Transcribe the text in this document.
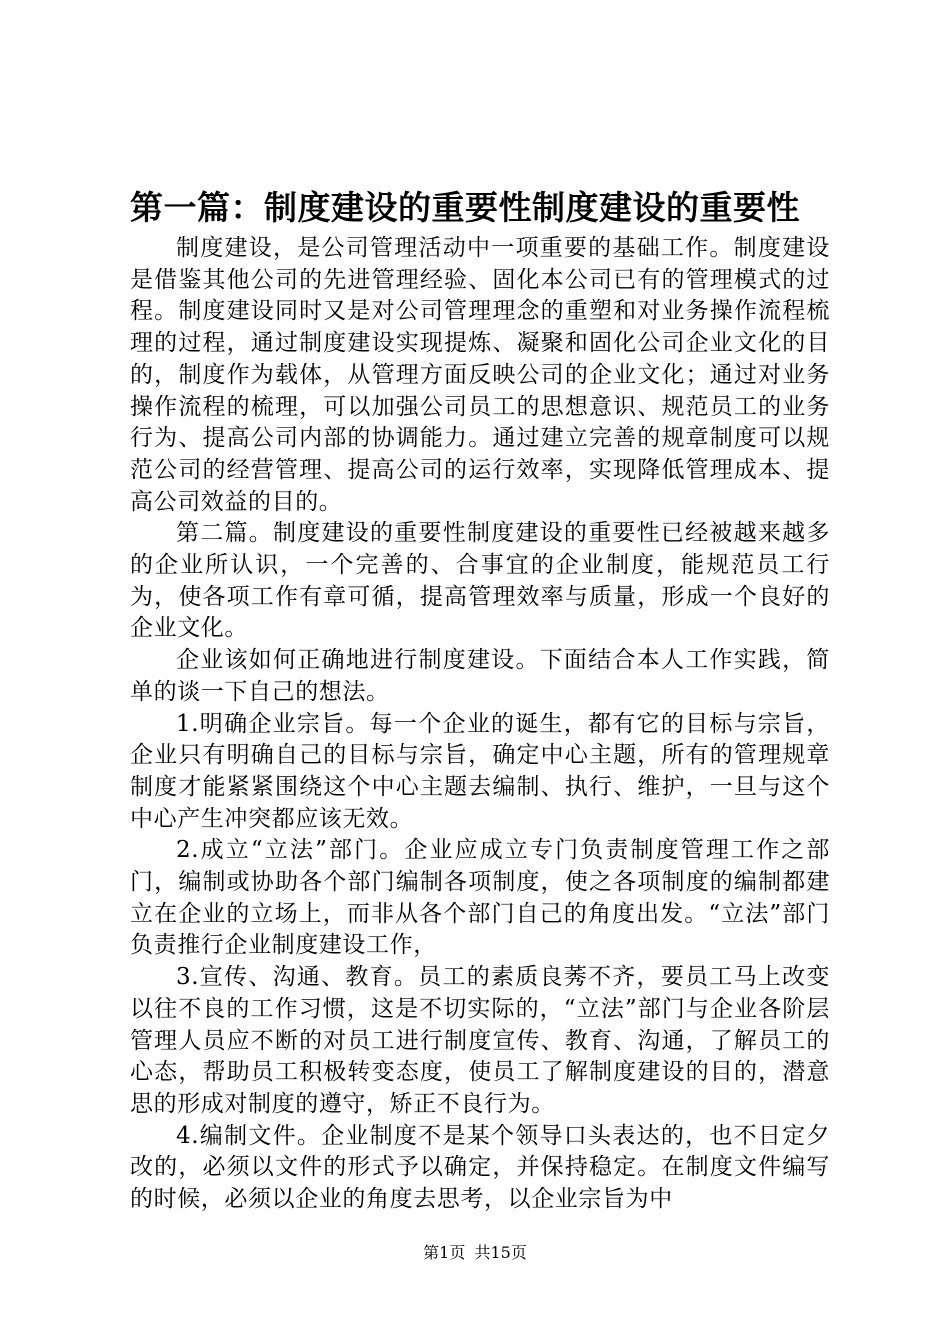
第一篇：制度建设的重要性制度建设的重要性

制度建设，是公司管理活动中一项重要的基础工作。制度建设是借鉴其他公司的先进管理经验、固化本公司已有的管理模式的过程。制度建设同时又是对公司管理理念的重塑和对业务操作流程梳理的过程，通过制度建设实现提炼、凝聚和固化公司企业文化的目的，制度作为载体，从管理方面反映公司的企业文化；通过对业务操作流程的梳理，可以加强公司员工的思想意识、规范员工的业务行为、提高公司内部的协调能力。通过建立完善的规章制度可以规范公司的经营管理、提高公司的运行效率，实现降低管理成本、提高公司效益的目的。

第二篇。制度建设的重要性制度建设的重要性已经被越来越多的企业所认识，一个完善的、合事宜的企业制度，能规范员工行为，使各项工作有章可循，提高管理效率与质量，形成一个良好的企业文化。

企业该如何正确地进行制度建设。下面结合本人工作实践，简单的谈一下自己的想法。

1.明确企业宗旨。每一个企业的诞生，都有它的目标与宗旨，企业只有明确自己的目标与宗旨，确定中心主题，所有的管理规章制度才能紧紧围绕这个中心主题去编制、执行、维护，一旦与这个中心产生冲突都应该无效。

2.成立“立法”部门。企业应成立专门负责制度管理工作之部门，编制或协助各个部门编制各项制度，使之各项制度的编制都建立在企业的立场上，而非从各个部门自己的角度出发。“立法”部门负责推行企业制度建设工作，

3.宣传、沟通、教育。员工的素质良莠不齐，要员工马上改变以往不良的工作习惯，这是不切实际的，“立法”部门与企业各阶层管理人员应不断的对员工进行制度宣传、教育、沟通，了解员工的心态，帮助员工积极转变态度，使员工了解制度建设的目的，潜意思的形成对制度的遵守，矫正不良行为。

4.编制文件。企业制度不是某个领导口头表达的，也不日定夕改的，必须以文件的形式予以确定，并保持稳定。在制度文件编写的时候，必须以企业的角度去思考，以企业宗旨为中

第1页 共15页
